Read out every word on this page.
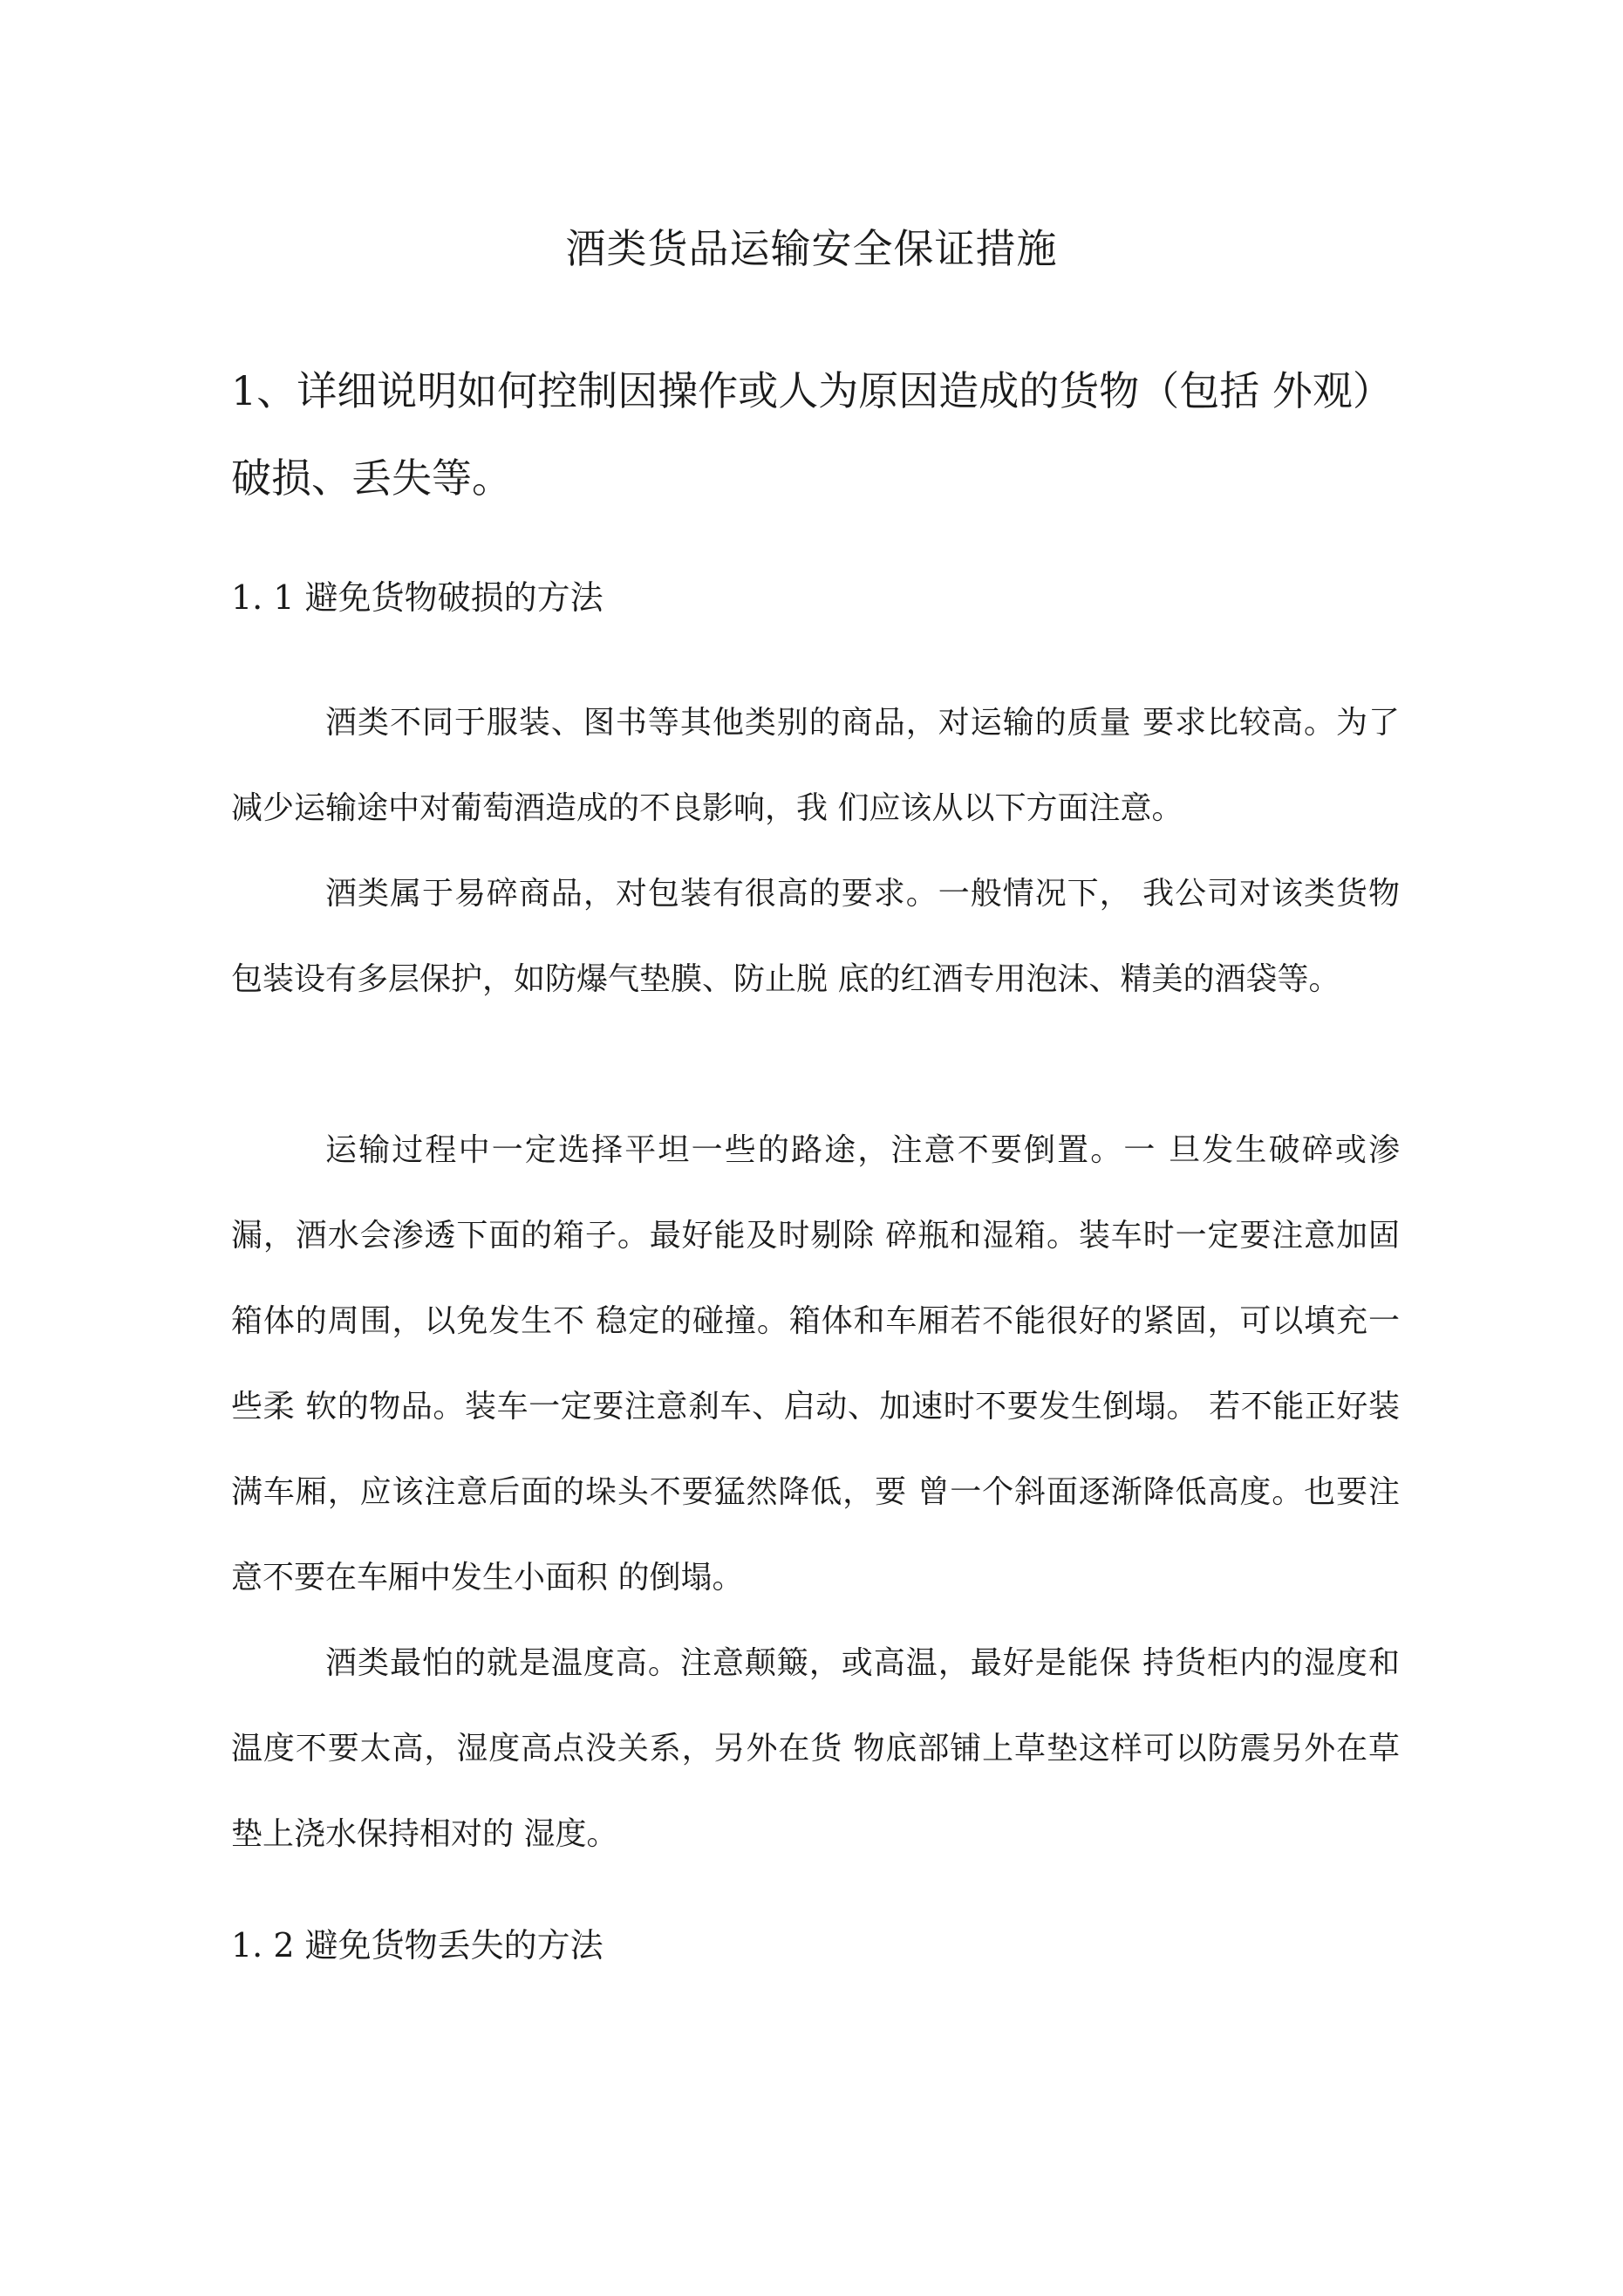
酒类货品运输安全保证措施
1、详细说明如何控制因操作或人为原因造成的货物（包括 外观）破损、丢失等。
1. 1 避免货物破损的方法

酒类不同于服装、图书等其他类别的商品，对运输的质量 要求比较高。为了减少运输途中对葡萄酒造成的不良影响，我 们应该从以下方面注意。

酒类属于易碎商品，对包装有很高的要求。一般情况下， 我公司对该类货物包装设有多层保护，如防爆气垫膜、防止脱 底的红酒专用泡沫、精美的酒袋等。

运输过程中一定选择平坦一些的路途，注意不要倒置。一 旦发生破碎或渗漏，酒水会渗透下面的箱子。最好能及时剔除 碎瓶和湿箱。装车时一定要注意加固箱体的周围，以免发生不 稳定的碰撞。箱体和车厢若不能很好的紧固，可以填充一些柔 软的物品。装车一定要注意刹车、启动、加速时不要发生倒塌。 若不能正好装满车厢，应该注意后面的垛头不要猛然降低，要 曾一个斜面逐渐降低高度。也要注意不要在车厢中发生小面积 的倒塌。

酒类最怕的就是温度高。注意颠簸，或高温，最好是能保 持货柜内的湿度和温度不要太高，湿度高点没关系，另外在货 物底部铺上草垫这样可以防震另外在草垫上浇水保持相对的 湿度。

1. 2 避免货物丢失的方法
